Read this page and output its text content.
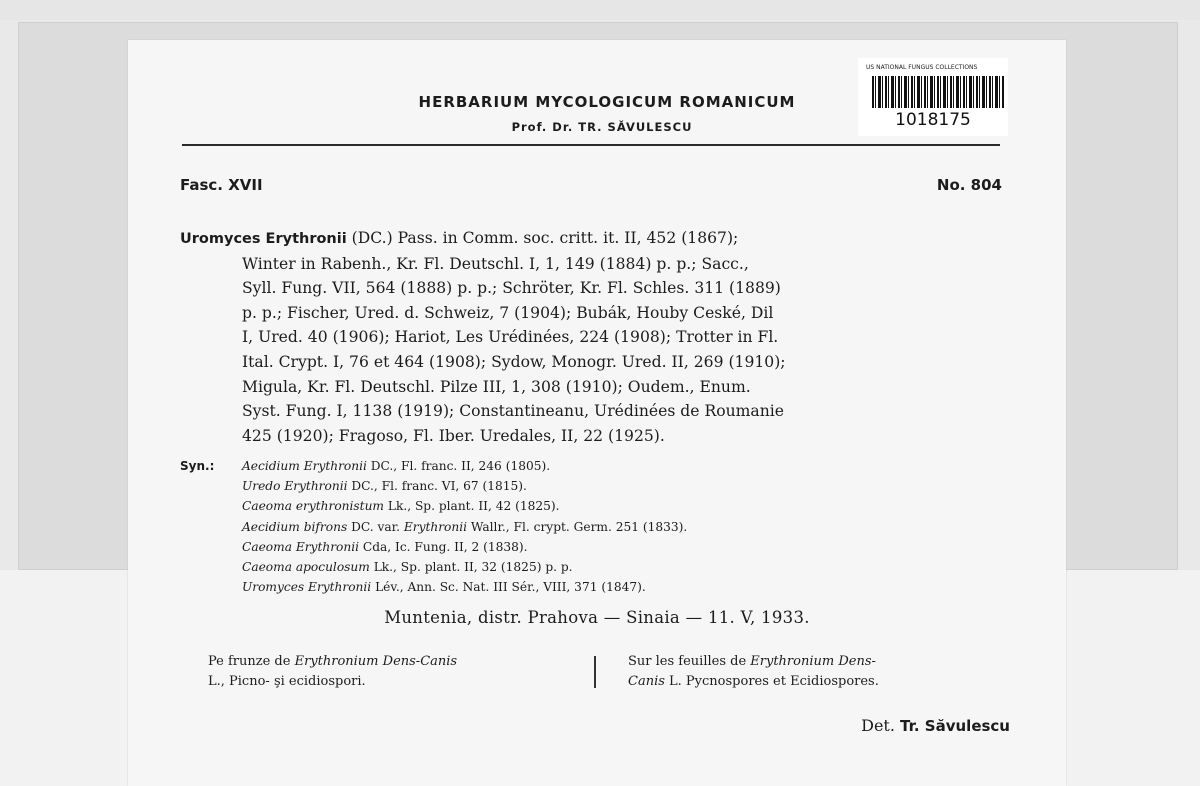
HERBARIUM MYCOLOGICUM ROMANICUM
Prof. Dr. TR. SĂVULESCU
US NATIONAL FUNGUS COLLECTIONS
1018175
Fasc. XVII	No. 804
Uromyces Erythronii (DC.) Pass. in Comm. soc. critt. it. II, 452 (1867);
Winter in Rabenh., Kr. Fl. Deutschl. I, 1, 149 (1884) p. p.; Sacc.,
Syll. Fung. VII, 564 (1888) p. p.; Schröter, Kr. Fl. Schles. 311 (1889)
p. p.; Fischer, Ured. d. Schweiz, 7 (1904); Bubák, Houby Ceské, Dil
I, Ured. 40 (1906); Hariot, Les Urédinées, 224 (1908); Trotter in Fl.
Ital. Crypt. I, 76 et 464 (1908); Sydow, Monogr. Ured. II, 269 (1910);
Migula, Kr. Fl. Deutschl. Pilze III, 1, 308 (1910); Oudem., Enum.
Syst. Fung. I, 1138 (1919); Constantineanu, Urédinées de Roumanie
425 (1920); Fragoso, Fl. Iber. Uredales, II, 22 (1925).
Syn.: Aecidium Erythronii DC., Fl. franc. II, 246 (1805).
Uredo Erythronii DC., Fl. franc. VI, 67 (1815).
Caeoma erythronistum Lk., Sp. plant. II, 42 (1825).
Aecidium bifrons DC. var. Erythronii Wallr., Fl. crypt. Germ. 251 (1833).
Caeoma Erythronii Cda, Ic. Fung. II, 2 (1838).
Caeoma apoculosum Lk., Sp. plant. II, 32 (1825) p. p.
Uromyces Erythronii Lév., Ann. Sc. Nat. III Sér., VIII, 371 (1847).
Muntenia, distr. Prahova — Sinaia — 11. V, 1933.
Pe frunze de Erythronium Dens-Canis
L., Picno- şi ecidiospori.
Sur les feuilles de Erythronium Dens-
Canis L. Pycnospores et Ecidiospores.
Det. Tr. Săvulescu
